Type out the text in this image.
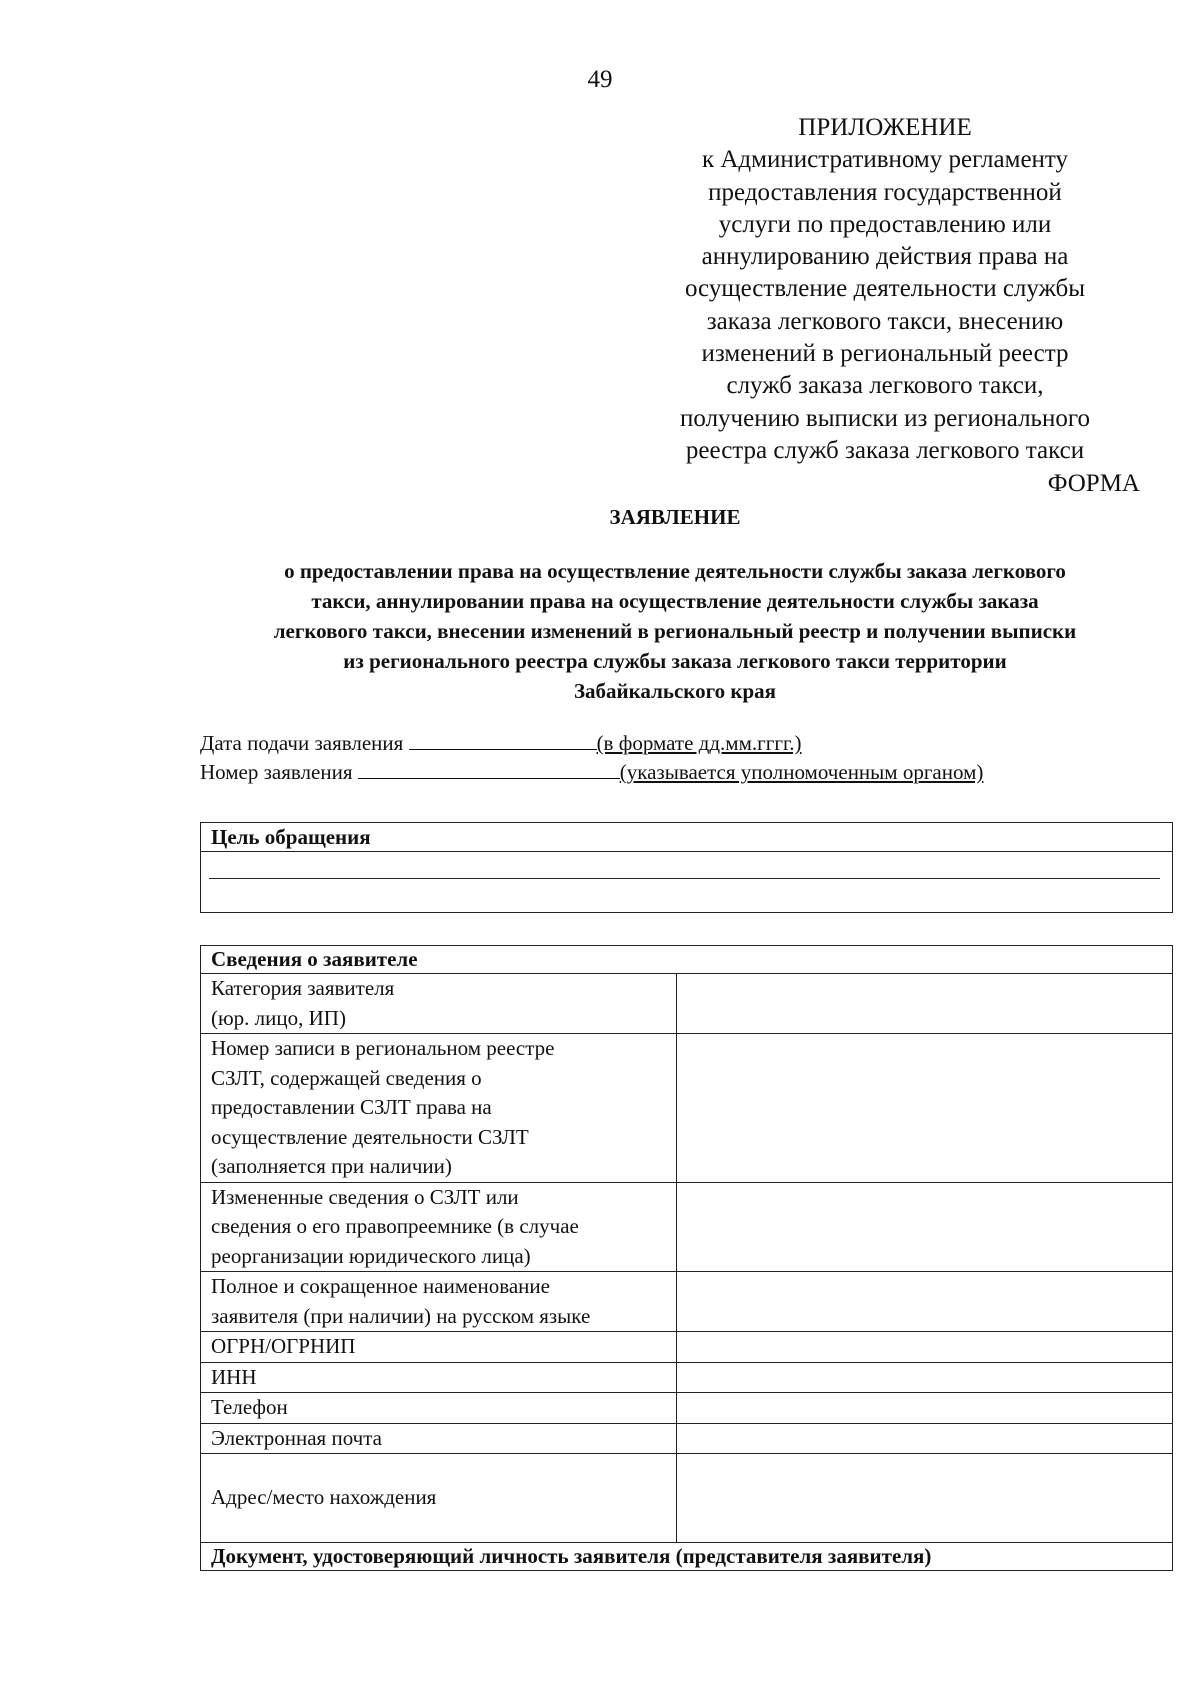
49
ПРИЛОЖЕНИЕ
к Административному регламенту
предоставления государственной
услуги по предоставлению или
аннулированию действия права на
осуществление деятельности службы
заказа легкового такси, внесению
изменений в региональный реестр
служб заказа легкового такси,
получению выписки из регионального
реестра служб заказа легкового такси
ФОРМА
ЗАЯВЛЕНИЕ
о предоставлении права на осуществление деятельности службы заказа легкового
такси, аннулировании права на осуществление деятельности службы заказа
легкового такси, внесении изменений в региональный реестр и получении выписки
из регионального реестра службы заказа легкового такси территории
Забайкальского края
Дата подачи заявления	(в формате дд.мм.гггг.)
Номер заявления	(указывается уполномоченным органом)
Цель обращения

Сведения о заявителе	

Категория заявителя
(юр. лицо, ИП)	

Номер записи в региональном реестре
СЗЛТ, содержащей сведения о
предоставлении СЗЛТ права на
осуществление деятельности СЗЛТ
(заполняется при наличии)	

Измененные сведения о СЗЛТ или
сведения о его правопреемнике (в случае
реорганизации юридического лица)	

Полное и сокращенное наименование
заявителя (при наличии) на русском языке	

ОГРН/ОГРНИП	
ИНН	
Телефон	
Электронная почта	
Адрес/место нахождения	
Документ, удостоверяющий личность заявителя (представителя заявителя)	
